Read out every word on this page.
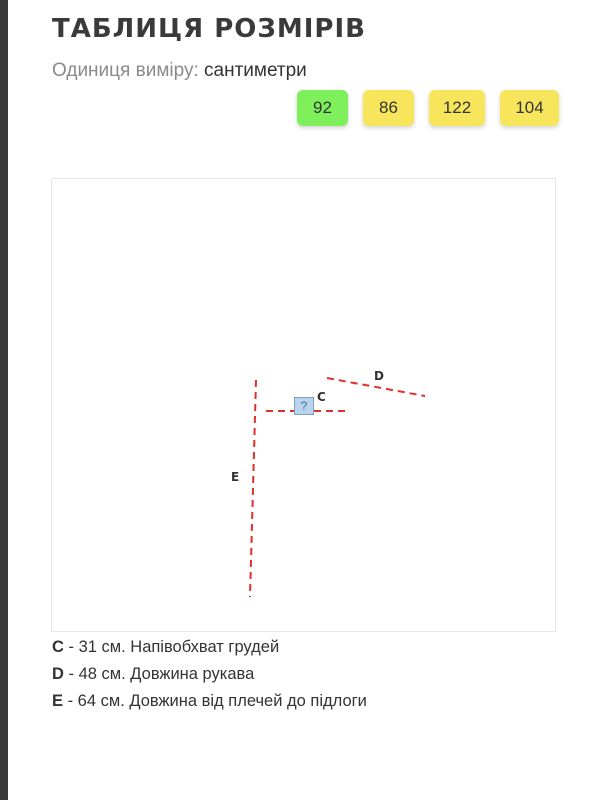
ТАБЛИЦЯ РОЗМІРІВ
Одиниця виміру: сантиметри
92	86	122	104
C
D
E
?
C - 31 см. Напівобхват грудей
D - 48 см. Довжина рукава
E - 64 см. Довжина від плечей до підлоги
